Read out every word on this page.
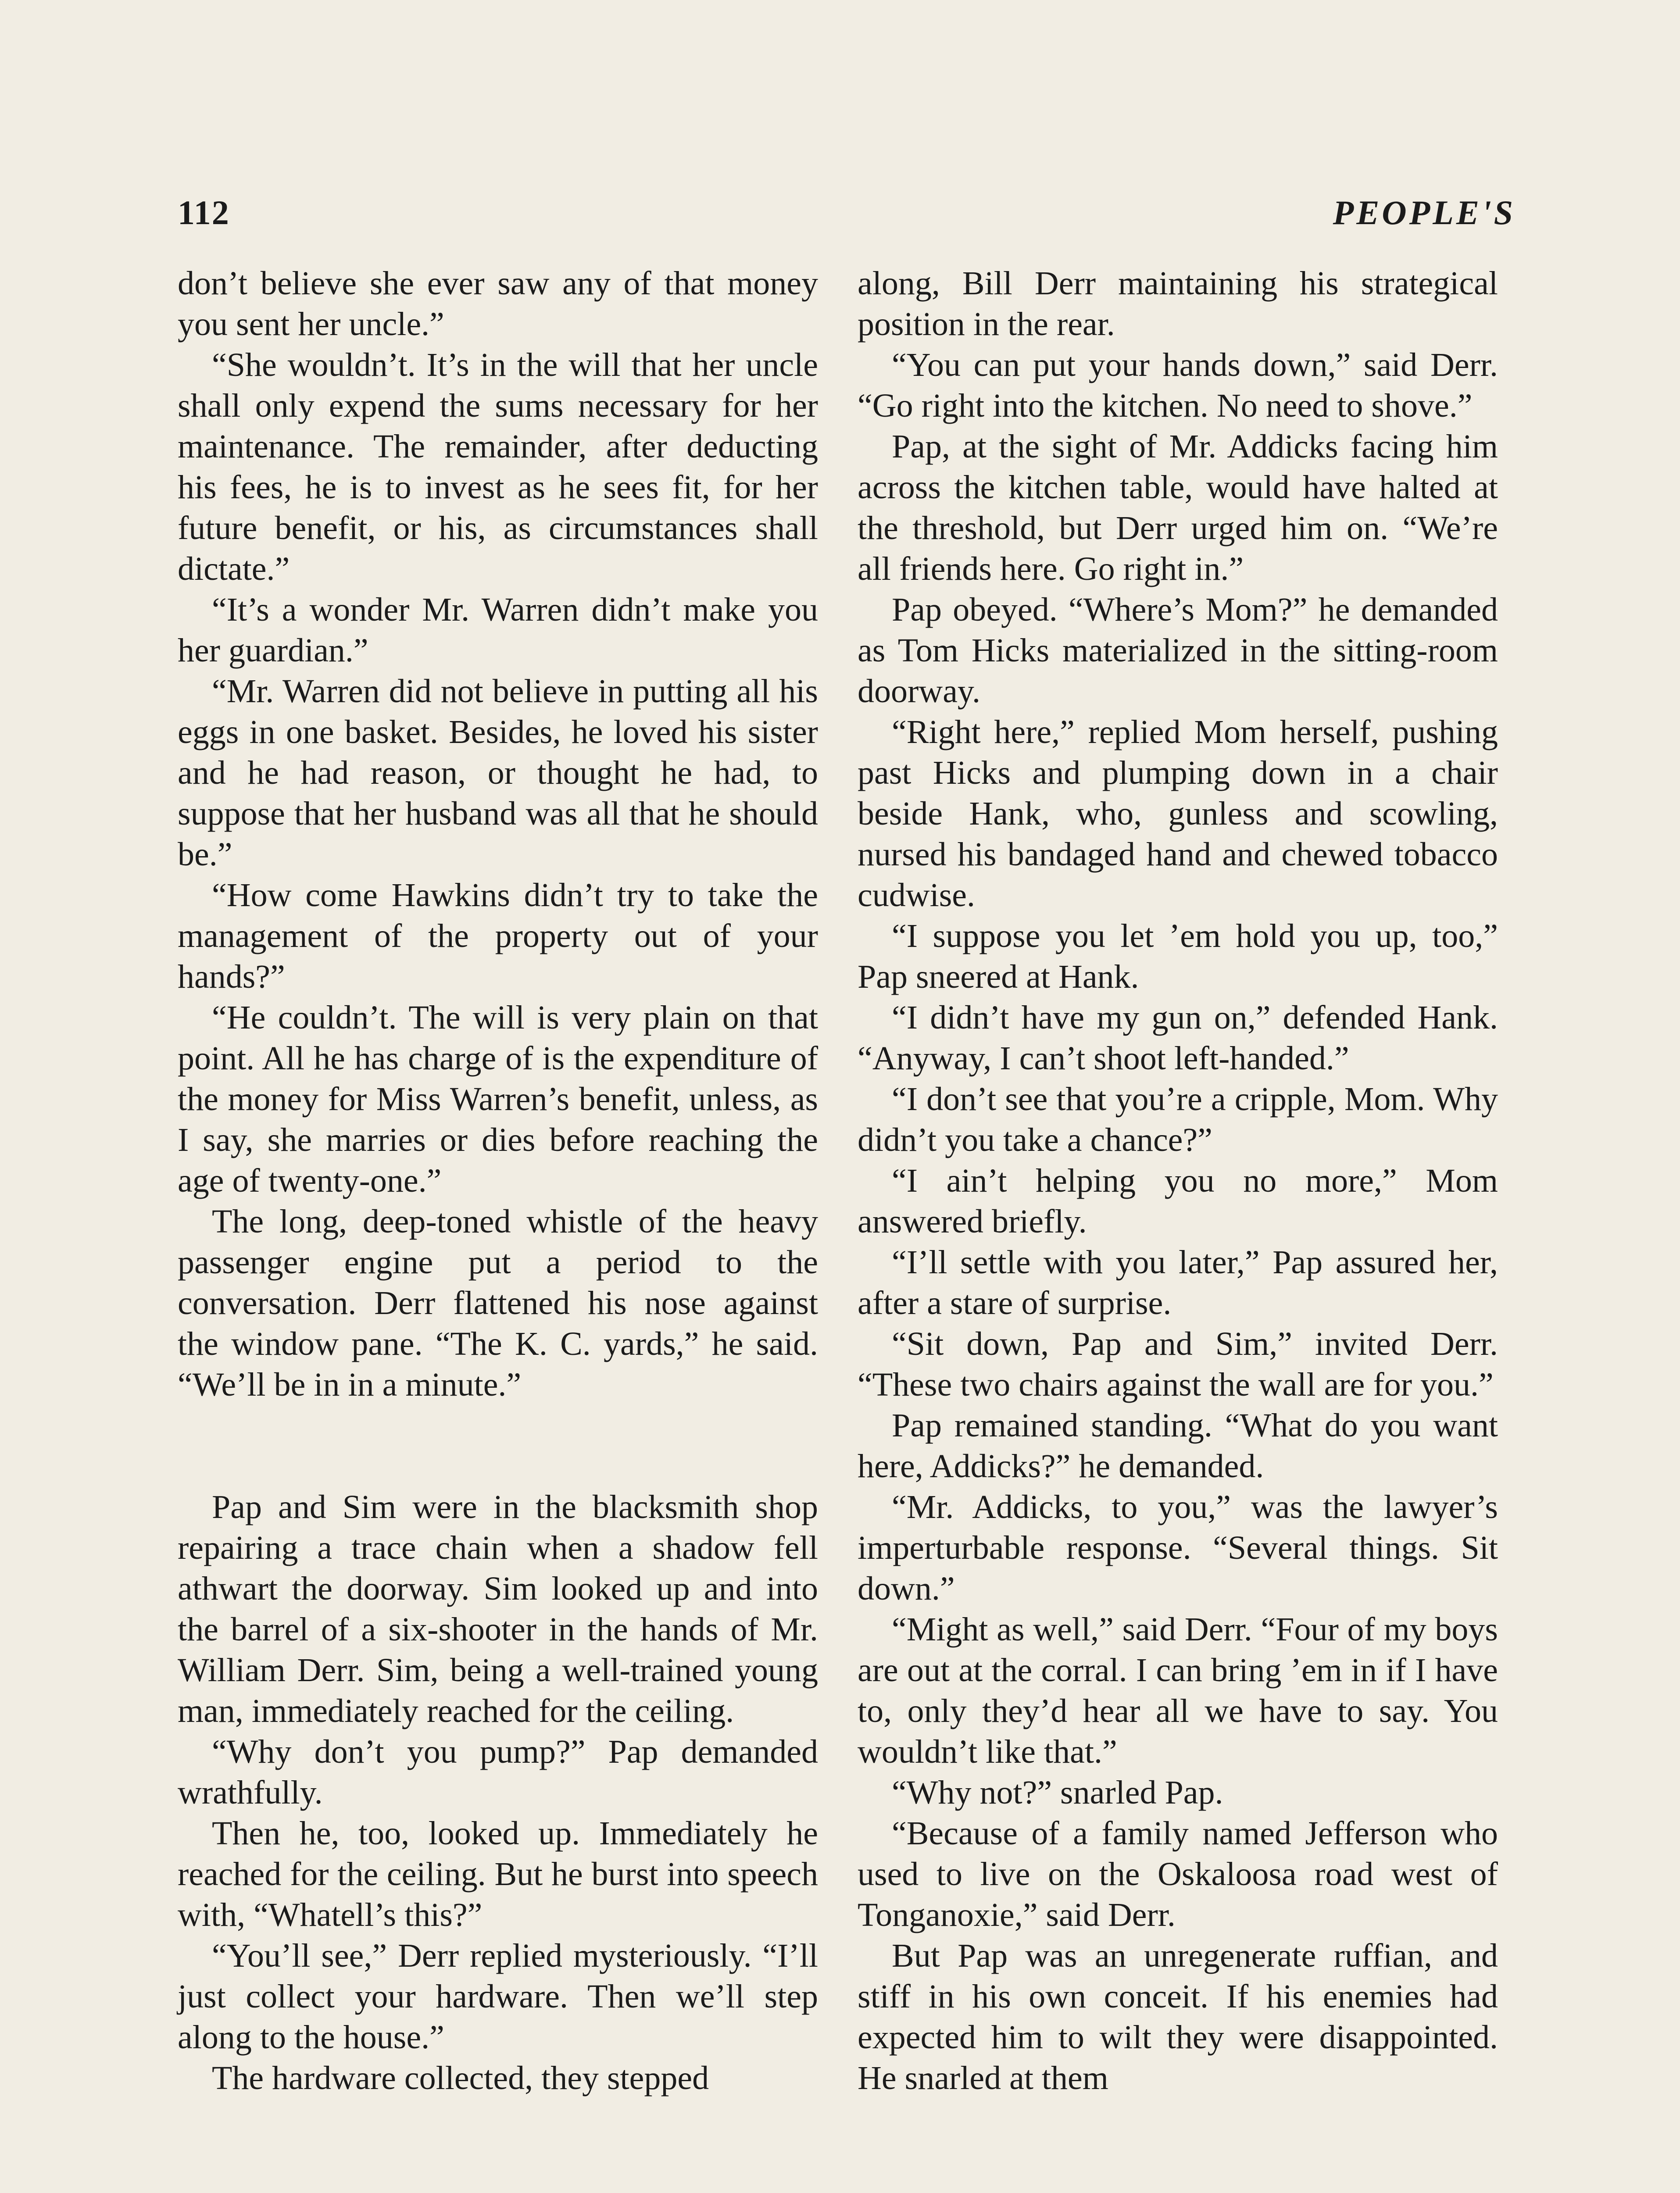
112	PEOPLE'S

don’t believe she ever saw any of that money you sent her uncle.”

“She wouldn’t. It’s in the will that her uncle shall only expend the sums necessary for her maintenance. The remainder, after deducting his fees, he is to invest as he sees fit, for her future benefit, or his, as circumstances shall dictate.”

“It’s a wonder Mr. Warren didn’t make you her guardian.”

“Mr. Warren did not believe in putting all his eggs in one basket. Besides, he loved his sister and he had reason, or thought he had, to suppose that her husband was all that he should be.”

“How come Hawkins didn’t try to take the management of the property out of your hands?”

“He couldn’t. The will is very plain on that point. All he has charge of is the expenditure of the money for Miss Warren’s benefit, unless, as I say, she marries or dies before reaching the age of twenty-one.”

The long, deep-toned whistle of the heavy passenger engine put a period to the conversation. Derr flattened his nose against the window pane. “The K. C. yards,” he said. “We’ll be in in a minute.”

Pap and Sim were in the blacksmith shop repairing a trace chain when a shadow fell athwart the doorway. Sim looked up and into the barrel of a six-shooter in the hands of Mr. William Derr. Sim, being a well-trained young man, immediately reached for the ceiling.

“Why don’t you pump?” Pap demanded wrathfully.

Then he, too, looked up. Immediately he reached for the ceiling. But he burst into speech with, “Whatell’s this?”

“You’ll see,” Derr replied mysteriously. “I’ll just collect your hardware. Then we’ll step along to the house.”

The hardware collected, they stepped

along, Bill Derr maintaining his strategical position in the rear.

“You can put your hands down,” said Derr. “Go right into the kitchen. No need to shove.”

Pap, at the sight of Mr. Addicks facing him across the kitchen table, would have halted at the threshold, but Derr urged him on. “We’re all friends here. Go right in.”

Pap obeyed. “Where’s Mom?” he demanded as Tom Hicks materialized in the sitting-room doorway.

“Right here,” replied Mom herself, pushing past Hicks and plumping down in a chair beside Hank, who, gunless and scowling, nursed his bandaged hand and chewed tobacco cudwise.

“I suppose you let ’em hold you up, too,” Pap sneered at Hank.

“I didn’t have my gun on,” defended Hank. “Anyway, I can’t shoot left-handed.”

“I don’t see that you’re a cripple, Mom. Why didn’t you take a chance?”

“I ain’t helping you no more,” Mom answered briefly.

“I’ll settle with you later,” Pap assured her, after a stare of surprise.

“Sit down, Pap and Sim,” invited Derr. “These two chairs against the wall are for you.”

Pap remained standing. “What do you want here, Addicks?” he demanded.

“Mr. Addicks, to you,” was the lawyer’s imperturbable response. “Several things. Sit down.”

“Might as well,” said Derr. “Four of my boys are out at the corral. I can bring ’em in if I have to, only they’d hear all we have to say. You wouldn’t like that.”

“Why not?” snarled Pap.

“Because of a family named Jefferson who used to live on the Oskaloosa road west of Tonganoxie,” said Derr.

But Pap was an unregenerate ruffian, and stiff in his own conceit. If his enemies had expected him to wilt they were disappointed. He snarled at them
